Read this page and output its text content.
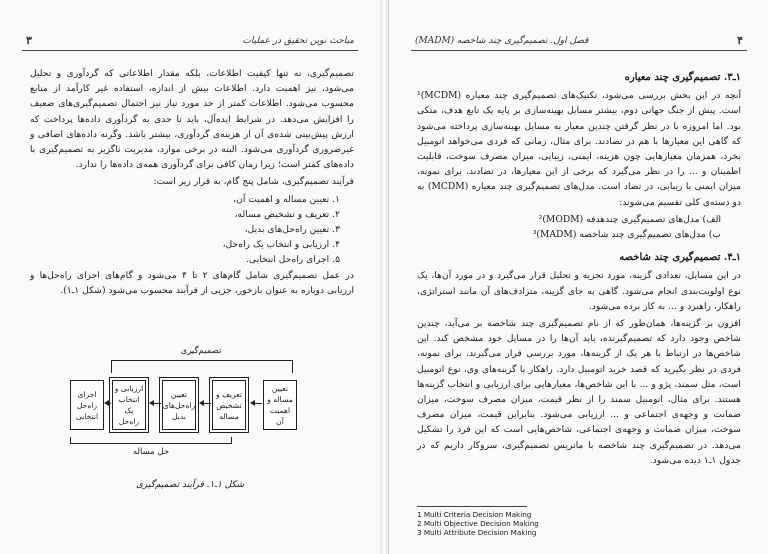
۳	مباحث نوین تحقیق در عملیات

تصمیم‌گیری، نه تنها کیفیت اطلاعات، بلکه مقدار اطلاعاتی که گردآوری و تحلیل می‌شود، نیز اهمیت دارد. اطلاعات بیش از اندازه، استفاده غیر کارآمد از منابع محسوب می‌شود. اطلاعات کمتر از حد مورد نیاز نیز احتمال تصمیم‌گیری‌های ضعیف را افزایش می‌دهد. در شرایط ایده‌آل، باید تا حدی به گردآوری داده‌ها پرداخت که ارزش پیش‌بینی شده‌ی آن از هزینه‌ی گردآوری، بیشتر باشد. وگرنه داده‌های اضافی و غیرضروری گردآوری می‌شود. البته در برخی موارد، مدیریت ناگزیر به تصمیم‌گیری با داده‌های کمتر است؛ زیرا زمان کافی برای گردآوری همه‌ی داده‌ها را ندارد.

فرآیند تصمیم‌گیری، شامل پنج گام، به قرار زیر است:

۱. تعیین مساله و اهمیت آن،
۲. تعریف و تشخیص مساله،
۳. تعیین راه‌حل‌های بدیل،
۴. ارزیابی و انتخاب یک راه‌حل،
۵. اجرای راه‌حل انتخابی.

در عمل تصمیم‌گیری شامل گام‌های ۲ تا ۴ می‌شود و گام‌های اجرای راه‌حل‌ها و ارزیابی دوباره به عنوان بازخور، جزیی از فرآیند محسوب می‌شود (شکل ۱ـ۱).

تصمیم‌گیری
تعیین مساله و اهمیت آن
تعریف و تشخیص مساله
تعیین راه‌حل‌های بدیل
ارزیابی و انتخاب یک راه‌حل
اجرای راه‌حل انتخابی
حل مساله
شکل ۱ـ۱. فرآیند تصمیم‌گیری
۴
فصل اول. تصمیم‌گیری چند شاخصه (MADM)
۱ـ۳. تصمیم‌گیری چند معیاره

آنچه در این بخش بررسی می‌شود، تکنیک‌های تصمیم‌گیری چند معیاره (MCDM)¹ است. پیش از جنگ جهانی دوم، بیشتر مسایل بهینه‌سازی بر پایه یک تابع هدف، متکی بود. اما امروزه با در نظر گرفتن چندین معیار به مسایل بهینه‌سازی پرداخته می‌شود که گاهی این معیارها با هم در تضادند. برای مثال، زمانی که فردی می‌خواهد اتومبیل بخرد، همزمان معیارهایی چون هزینه، ایمنی، زیبایی، میزان مصرف سوخت، قابلیت اطمینان و ... را در نظر می‌گیرد که برخی از این معیارها، در تضادند. برای نمونه، میزان ایمنی با زیبایی، در تضاد است. مدل‌های تصمیم‌گیری چند معیاره (MCDM) به دو دسته‌ی کلی تقسیم می‌شوند:

الف) مدل‌های تصمیم‌گیری چندهدفه (MODM)²
ب) مدل‌های تصمیم‌گیری چند شاخصه (MADM)³
۱ـ۴. تصمیم‌گیری چند شاخصه

در این مسایل، تعدادی گزینه، مورد تجزیه و تحلیل قرار می‌گیرد و در مورد آن‌ها، یک نوع اولویت‌بندی انجام می‌شود. گاهی به جای گزینه، مترادف‌های آن مانند استراتژی، راهکار، راهبرد و ... به کار برده می‌شود.

افزون بر گزینه‌ها، همان‌طور که از نام تصمیم‌گیری چند شاخصه بر می‌آید، چندین شاخص وجود دارد که تصمیم‌گیرنده، باید آن‌ها را در مسایل خود مشخص کند. این شاخص‌ها در ارتباط با هر یک از گزینه‌ها، مورد بررسی قرار می‌گیرند. برای نمونه، فردی در نظر بگیرید که قصد خرید اتومبیل دارد. راهکار یا گزینه‌های وی، نوع اتومبیل است، مثل سمند، پژو و ... با این شاخص‌ها، معیارهایی برای ارزیابی و انتخاب گزینه‌ها هستند. برای مثال، اتومبیل سمند را از نظر قیمت، میزان مصرف سوخت، میزان ضمانت و وجهه‌ی اجتماعی و ... ارزیابی می‌شود. بنابراین قیمت، میزان مصرف سوخت، میزان ضمانت و وجهه‌ی اجتماعی، شاخص‌هایی است که این فرد را تشکیل می‌دهد. در تصمیم‌گیری چند شاخصه با ماتریس تصمیم‌گیری، سروکار داریم که در جدول ۱ـ۱ دیده می‌شود.

1 Multi Criteria Decision Making
2 Multi Objective Decision Making
3 Multi Attribute Decision Making
